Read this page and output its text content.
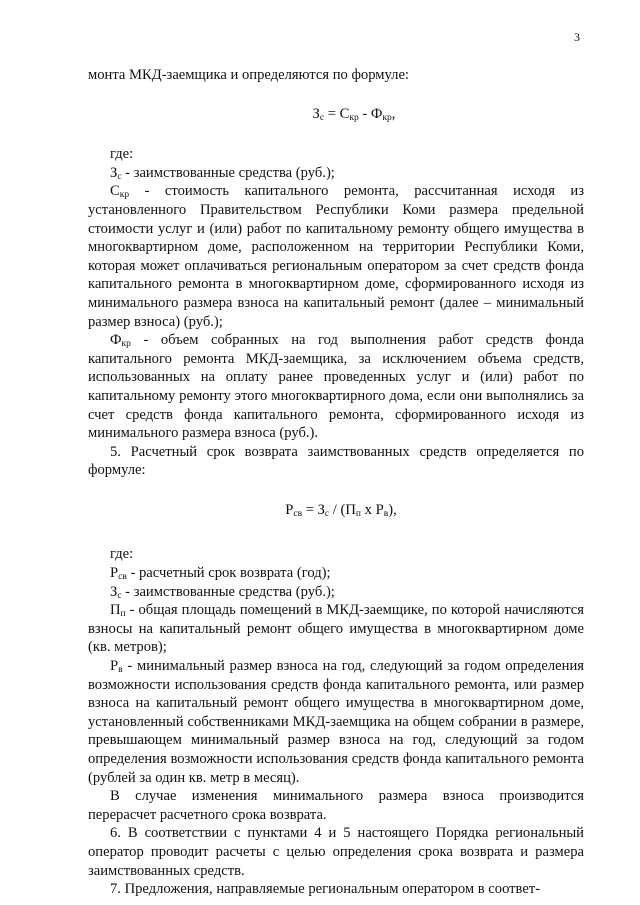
3

монта МКД-заемщика и определяются по формуле:

$З_с = С_{кр} - Ф_{кр}$,

где:

$З_с$ - заимствованные средства (руб.);

$С_{кр}$ - стоимость капитального ремонта, рассчитанная исходя из установленного Правительством Республики Коми размера предельной стоимости услуг и (или) работ по капитальному ремонту общего имущества в многоквартирном доме, расположенном на территории Республики Коми, которая может оплачиваться региональным оператором за счет средств фонда капитального ремонта в многоквартирном доме, сформированного исходя из минимального размера взноса на капитальный ремонт (далее – минимальный размер взноса) (руб.);

$Ф_{кр}$ - объем собранных на год выполнения работ средств фонда капитального ремонта МКД-заемщика, за исключением объема средств, использованных на оплату ранее проведенных услуг и (или) работ по капитальному ремонту этого многоквартирного дома, если они выполнялись за счет средств фонда капитального ремонта, сформированного исходя из минимального размера взноса (руб.).

5. Расчетный срок возврата заимствованных средств определяется по формуле:

$Р_{св} = З_с / (П_п$ х $Р_в$),

где:

$Р_{св}$ - расчетный срок возврата (год);

$З_с$ - заимствованные средства (руб.);

$П_п$ - общая площадь помещений в МКД-заемщике, по которой начисляются взносы на капитальный ремонт общего имущества в многоквартирном доме (кв. метров);

$Р_в$ - минимальный размер взноса на год, следующий за годом определения возможности использования средств фонда капитального ремонта, или размер взноса на капитальный ремонт общего имущества в многоквартирном доме, установленный собственниками МКД-заемщика на общем собрании в размере, превышающем минимальный размер взноса на год, следующий за годом определения возможности использования средств фонда капитального ремонта (рублей за один кв. метр в месяц).

В случае изменения минимального размера взноса производится перерасчет расчетного срока возврата.

6. В соответствии с пунктами 4 и 5 настоящего Порядка региональный оператор проводит расчеты с целью определения срока возврата и размера заимствованных средств.

7. Предложения, направляемые региональным оператором в соответ-
